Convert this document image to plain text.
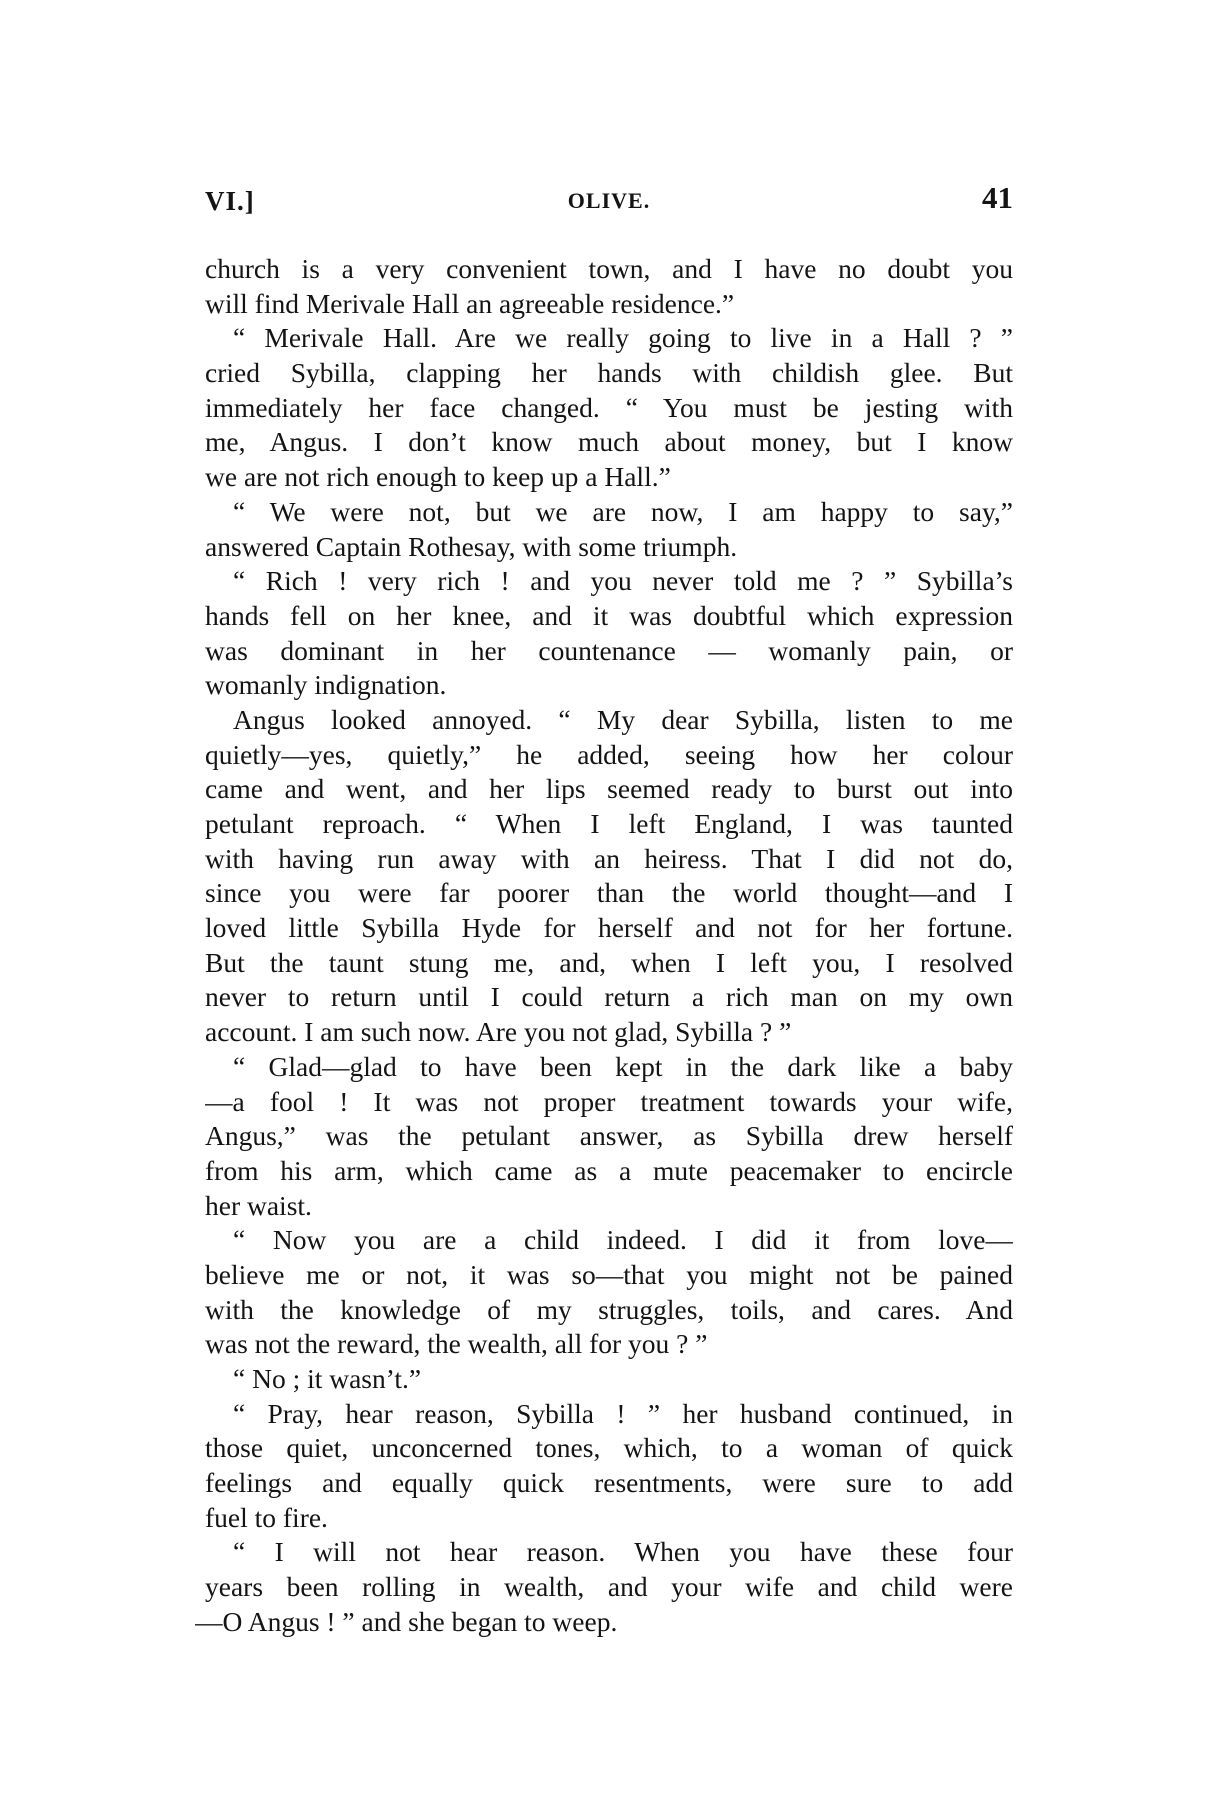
VI.]	OLIVE.	41
church is a very convenient town, and I have no doubt you
will find Merivale Hall an agreeable residence.”
“ Merivale Hall. Are we really going to live in a Hall ? ”
cried Sybilla, clapping her hands with childish glee. But
immediately her face changed. “ You must be jesting with
me, Angus. I don’t know much about money, but I know
we are not rich enough to keep up a Hall.”
“ We were not, but we are now, I am happy to say,”
answered Captain Rothesay, with some triumph.
“ Rich ! very rich ! and you never told me ? ” Sybilla’s
hands fell on her knee, and it was doubtful which expression
was dominant in her countenance — womanly pain, or
womanly indignation.
Angus looked annoyed. “ My dear Sybilla, listen to me
quietly—yes, quietly,” he added, seeing how her colour
came and went, and her lips seemed ready to burst out into
petulant reproach. “ When I left England, I was taunted
with having run away with an heiress. That I did not do,
since you were far poorer than the world thought—and I
loved little Sybilla Hyde for herself and not for her fortune.
But the taunt stung me, and, when I left you, I resolved
never to return until I could return a rich man on my own
account. I am such now. Are you not glad, Sybilla ? ”
“ Glad—glad to have been kept in the dark like a baby
—a fool ! It was not proper treatment towards your wife,
Angus,” was the petulant answer, as Sybilla drew herself
from his arm, which came as a mute peacemaker to encircle
her waist.
“ Now you are a child indeed. I did it from love—
believe me or not, it was so—that you might not be pained
with the knowledge of my struggles, toils, and cares. And
was not the reward, the wealth, all for you ? ”
“ No ; it wasn’t.”
“ Pray, hear reason, Sybilla ! ” her husband continued, in
those quiet, unconcerned tones, which, to a woman of quick
feelings and equally quick resentments, were sure to add
fuel to fire.
“ I will not hear reason. When you have these four
years been rolling in wealth, and your wife and child were
—O Angus ! ” and she began to weep.
